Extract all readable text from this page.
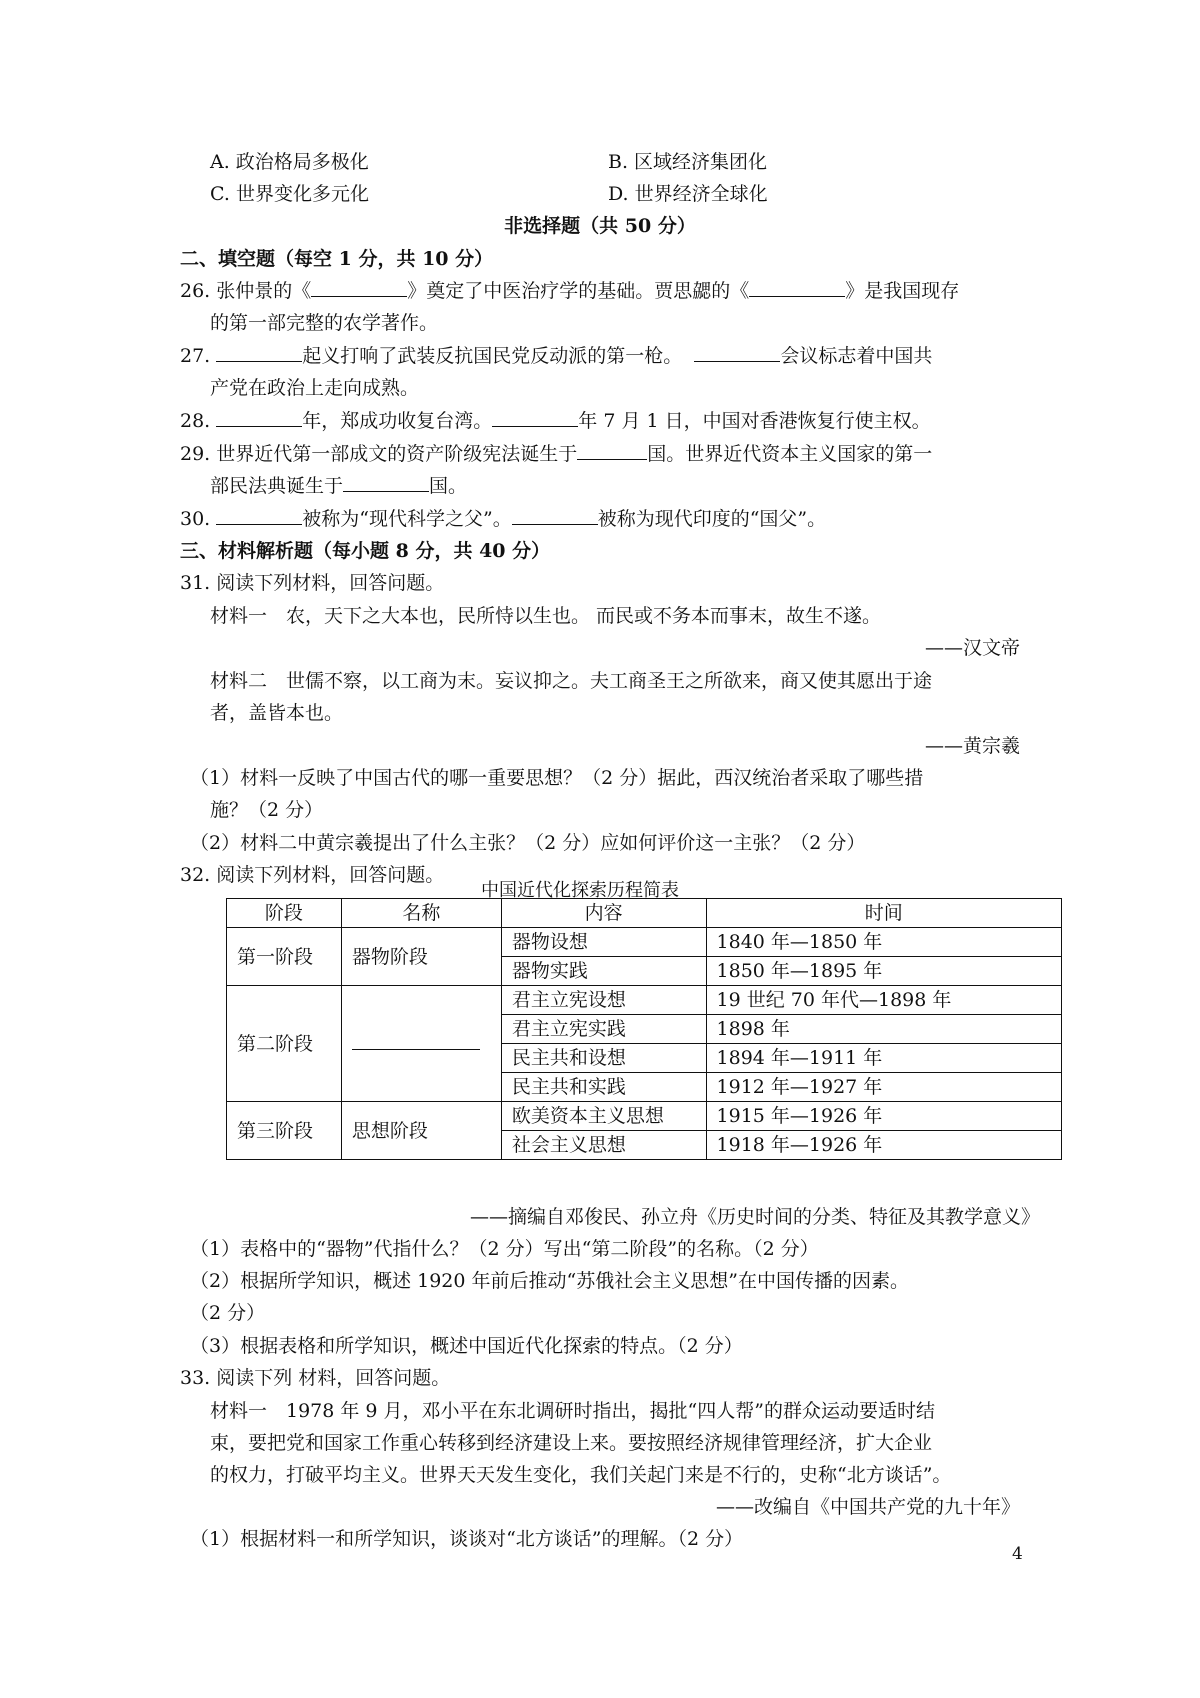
A. 政治格局多极化	B. 区域经济集团化
C. 世界变化多元化	D. 世界经济全球化
非选择题（共 50 分）
二、填空题（每空 1 分，共 10 分）
26. 张仲景的《	》奠定了中医治疗学的基础。贾思勰的《	》是我国现存
的第一部完整的农学著作。
27.	起义打响了武装反抗国民党反动派的第一枪。	会议标志着中国共
产党在政治上走向成熟。
28.	年，郑成功收复台湾。	年 7 月 1 日，中国对香港恢复行使主权。
29. 世界近代第一部成文的资产阶级宪法诞生于	国。世界近代资本主义国家的第一
部民法典诞生于	国。
30.	被称为“现代科学之父”。	被称为现代印度的“国父”。
三、材料解析题（每小题 8 分，共 40 分）
31. 阅读下列材料，回答问题。
材料一　农，天下之大本也，民所恃以生也。 而民或不务本而事末，故生不遂。
——汉文帝
材料二　世儒不察，以工商为末。妄议抑之。夫工商圣王之所欲来，商又使其愿出于途
者，盖皆本也。
——黄宗羲
（1）材料一反映了中国古代的哪一重要思想？（2 分）据此，西汉统治者采取了哪些措
施？（2 分）
（2）材料二中黄宗羲提出了什么主张？（2 分）应如何评价这一主张？（2 分）
32. 阅读下列材料，回答问题。
中国近代化探索历程简表
阶段	名称	内容	时间
第一阶段	器物阶段	器物设想	1840 年—1850 年
		器物实践	1850 年—1895 年
第二阶段		君主立宪设想	19 世纪 70 年代—1898 年
		君主立宪实践	1898 年
		民主共和设想	1894 年—1911 年
		民主共和实践	1912 年—1927 年
第三阶段	思想阶段	欧美资本主义思想	1915 年—1926 年
		社会主义思想	1918 年—1926 年
——摘编自邓俊民、孙立舟《历史时间的分类、特征及其教学意义》
（1）表格中的“器物”代指什么？（2 分）写出“第二阶段”的名称。（2 分）
（2）根据所学知识，概述 1920 年前后推动“苏俄社会主义思想”在中国传播的因素。
（2 分）
（3）根据表格和所学知识，概述中国近代化探索的特点。（2 分）
33. 阅读下列 材料，回答问题。
材料一　1978 年 9 月，邓小平在东北调研时指出，揭批“四人帮”的群众运动要适时结
束，要把党和国家工作重心转移到经济建设上来。要按照经济规律管理经济，扩大企业
的权力，打破平均主义。世界天天发生变化，我们关起门来是不行的，史称“北方谈话”。
——改编自《中国共产党的九十年》
（1）根据材料一和所学知识，谈谈对“北方谈话”的理解。（2 分）
4
